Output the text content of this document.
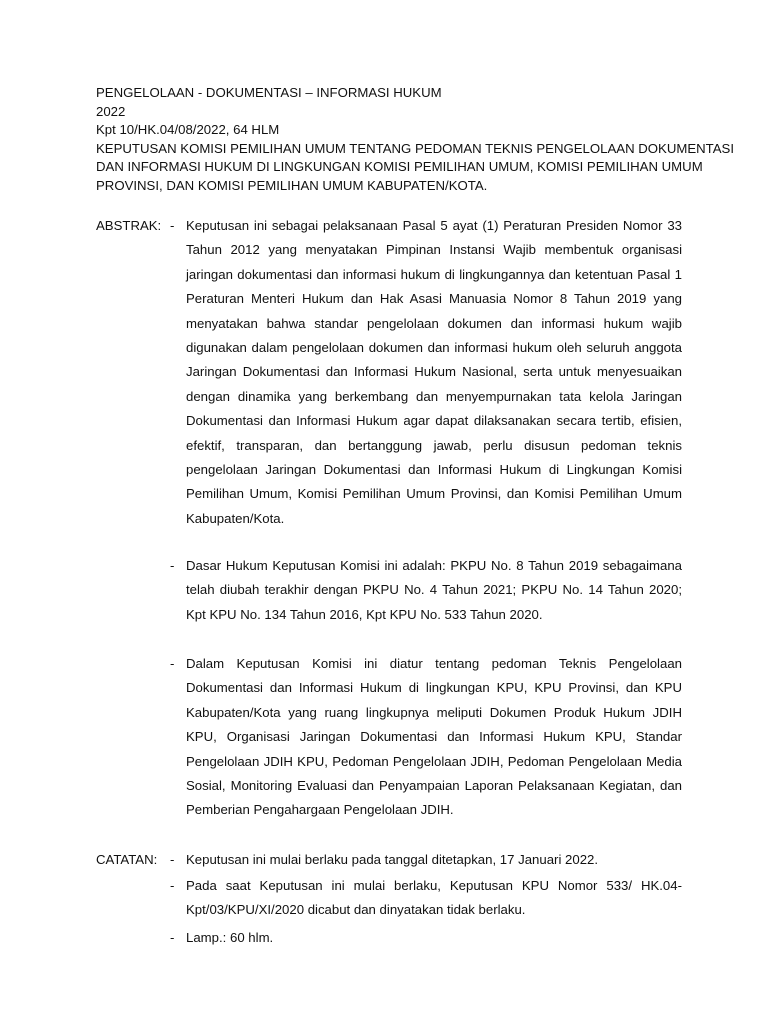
PENGELOLAAN - DOKUMENTASI – INFORMASI HUKUM
2022
Kpt 10/HK.04/08/2022, 64 HLM
KEPUTUSAN KOMISI PEMILIHAN UMUM TENTANG PEDOMAN TEKNIS PENGELOLAAN DOKUMENTASI
DAN INFORMASI HUKUM DI LINGKUNGAN KOMISI PEMILIHAN UMUM, KOMISI PEMILIHAN UMUM
PROVINSI, DAN KOMISI PEMILIHAN UMUM KABUPATEN/KOTA.
ABSTRAK: - Keputusan ini sebagai pelaksanaan Pasal 5 ayat (1) Peraturan Presiden Nomor 33 Tahun 2012 yang menyatakan Pimpinan Instansi Wajib membentuk organisasi jaringan dokumentasi dan informasi hukum di lingkungannya dan ketentuan Pasal 1 Peraturan Menteri Hukum dan Hak Asasi Manuasia Nomor 8 Tahun 2019 yang menyatakan bahwa standar pengelolaan dokumen dan informasi hukum wajib digunakan dalam pengelolaan dokumen dan informasi hukum oleh seluruh anggota Jaringan Dokumentasi dan Informasi Hukum Nasional, serta untuk menyesuaikan dengan dinamika yang berkembang dan menyempurnakan tata kelola Jaringan Dokumentasi dan Informasi Hukum agar dapat dilaksanakan secara tertib, efisien, efektif, transparan, dan bertanggung jawab, perlu disusun pedoman teknis pengelolaan Jaringan Dokumentasi dan Informasi Hukum di Lingkungan Komisi Pemilihan Umum, Komisi Pemilihan Umum Provinsi, dan Komisi Pemilihan Umum Kabupaten/Kota.
- Dasar Hukum Keputusan Komisi ini adalah: PKPU No. 8 Tahun 2019 sebagaimana telah diubah terakhir dengan PKPU No. 4 Tahun 2021; PKPU No. 14 Tahun 2020; Kpt KPU No. 134 Tahun 2016, Kpt KPU No. 533 Tahun 2020.
- Dalam Keputusan Komisi ini diatur tentang pedoman Teknis Pengelolaan Dokumentasi dan Informasi Hukum di lingkungan KPU, KPU Provinsi, dan KPU Kabupaten/Kota yang ruang lingkupnya meliputi Dokumen Produk Hukum JDIH KPU, Organisasi Jaringan Dokumentasi dan Informasi Hukum KPU, Standar Pengelolaan JDIH KPU, Pedoman Pengelolaan JDIH, Pedoman Pengelolaan Media Sosial, Monitoring Evaluasi dan Penyampaian Laporan Pelaksanaan Kegiatan, dan Pemberian Pengahargaan Pengelolaan JDIH.
CATATAN: - Keputusan ini mulai berlaku pada tanggal ditetapkan, 17 Januari 2022.
- Pada saat Keputusan ini mulai berlaku, Keputusan KPU Nomor 533/ HK.04-Kpt/03/KPU/XI/2020 dicabut dan dinyatakan tidak berlaku.
- Lamp.: 60 hlm.
